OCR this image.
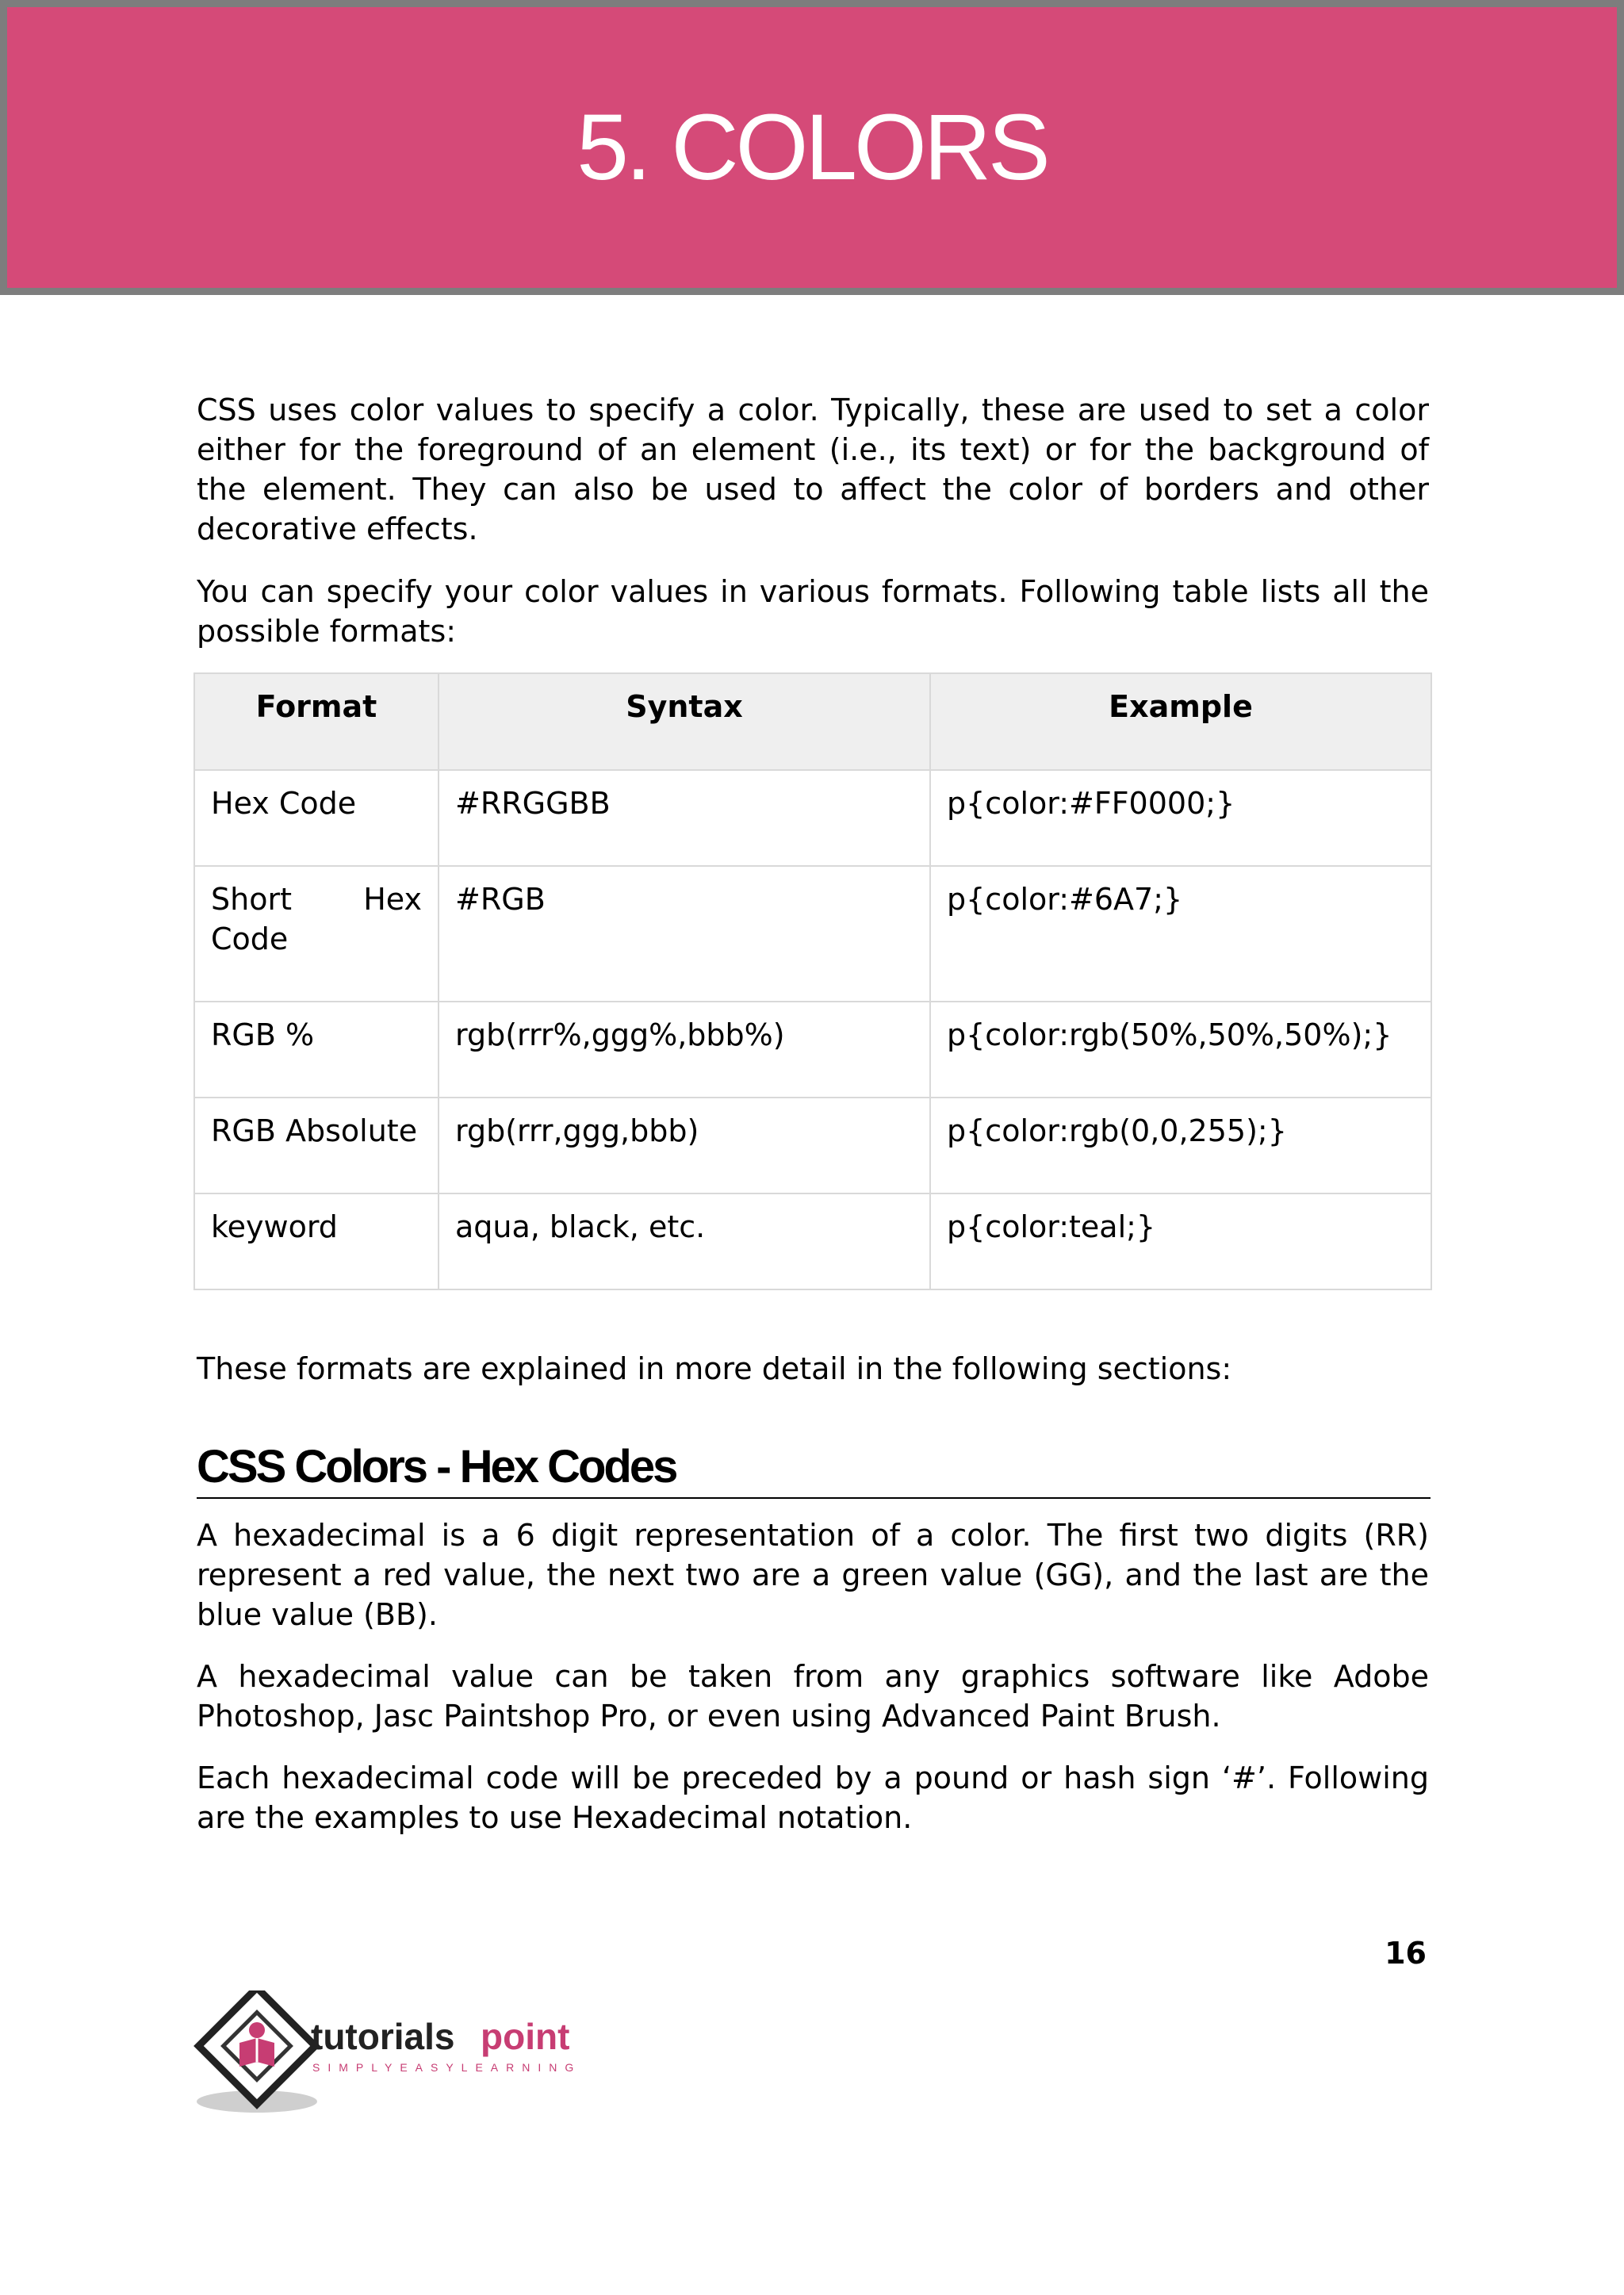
5. COLORS

CSS uses color values to specify a color. Typically, these are used to set a color either for the foreground of an element (i.e., its text) or for the background of the element. They can also be used to affect the color of borders and other decorative effects.

You can specify your color values in various formats. Following table lists all the possible formats:

Format	Syntax	Example
Hex Code	#RRGGBB	p{color:#FF0000;}
Short Hex Code	#RGB	p{color:#6A7;}
RGB %	rgb(rrr%,ggg%,bbb%)	p{color:rgb(50%,50%,50%);}
RGB Absolute	rgb(rrr,ggg,bbb)	p{color:rgb(0,0,255);}
keyword	aqua, black, etc.	p{color:teal;}

These formats are explained in more detail in the following sections:

CSS Colors - Hex Codes

A hexadecimal is a 6 digit representation of a color. The first two digits (RR) represent a red value, the next two are a green value (GG), and the last are the blue value (BB).

A hexadecimal value can be taken from any graphics software like Adobe Photoshop, Jasc Paintshop Pro, or even using Advanced Paint Brush.

Each hexadecimal code will be preceded by a pound or hash sign ‘#’. Following are the examples to use Hexadecimal notation.

16
tutorials point
SIMPLYEASYLEARNING
